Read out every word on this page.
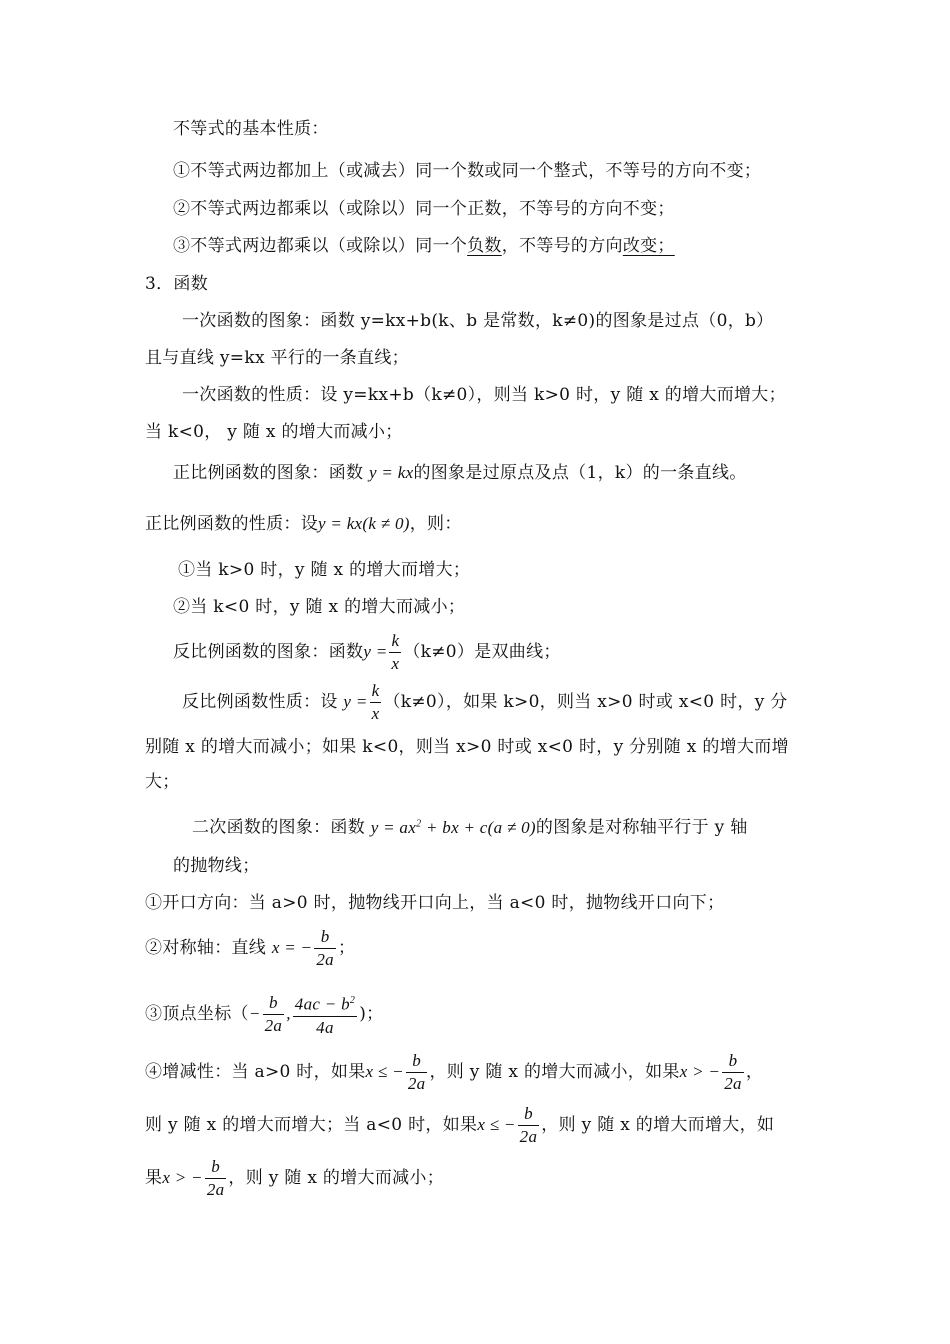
不等式的基本性质：
①不等式两边都加上（或减去）同一个数或同一个整式，不等号的方向不变；
②不等式两边都乘以（或除以）同一个正数，不等号的方向不变；
③不等式两边都乘以（或除以）同一个负数，不等号的方向改变；
3．函数
一次函数的图象：函数 y=kx+b(k、b 是常数，k≠0)的图象是过点（0，b）
且与直线 y=kx 平行的一条直线；
一次函数的性质：设 y=kx+b（k≠0），则当 k>0 时，y 随 x 的增大而增大；
当 k<0， y 随 x 的增大而减小；
正比例函数的图象：函数 y = kx的图象是过原点及点（1，k）的一条直线。
正比例函数的性质：设y = kx(k ≠ 0)，则：
①当 k>0 时，y 随 x 的增大而增大；
②当 k<0 时，y 随 x 的增大而减小；
反比例函数的图象：函数$y = \frac{k}{x} (k\ne 0)$是双曲线；
反比例函数性质：设 $y = \frac{k}{x} (k\ne 0)$，如果 k>0，则当 x>0 时或 x<0 时，y 分
别随 x 的增大而减小；如果 k<0，则当 x>0 时或 x<0 时，y 分别随 x 的增大而增
大；
二次函数的图象：函数 $y = ax^2$ + bx + c(a ≠ 0)的图象是对称轴平行于 y 轴
的抛物线；
①开口方向：当 a>0 时，抛物线开口向上，当 a<0 时，抛物线开口向下；
②对称轴：直线 x = − $\frac{b}{2a}$ ；
③顶点坐标（− $\frac{b}{2a}$ , $\frac{4ac - b^2}{4a}$ )；
④增减性：当 a>0 时，如果x ≤ − $\frac{b}{2a}$ ，则 y 随 x 的增大而减小，如果x > − $\frac{b}{2a}$ ，
则 y 随 x 的增大而增大；当 a<0 时，如果x ≤ − $\frac{b}{2a}$ ，则 y 随 x 的增大而增大，如
果x > − $\frac{b}{2a}$ ，则 y 随 x 的增大而减小；
